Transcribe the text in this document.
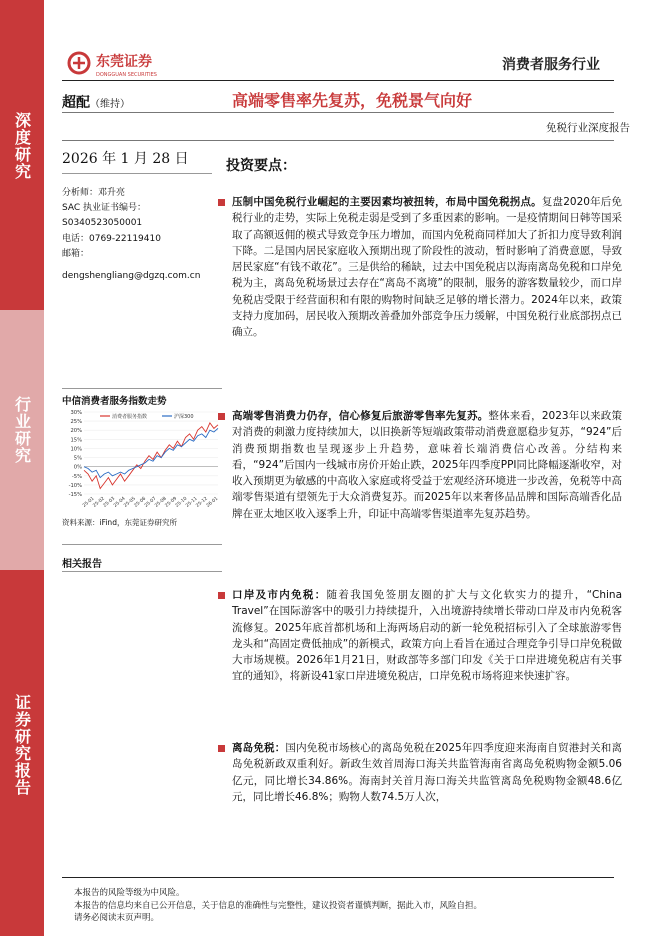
深度研究
行业研究
证券研究报告
东莞证券
DONGGUAN SECURITIES
消费者服务行业
超配（维持）	高端零售率先复苏，免税景气向好
免税行业深度报告
2026 年 1 月 28 日
分析师：邓升亮
SAC 执业证书编号：
S0340523050001
电话：0769-22119410
邮箱：
dengshengliang@dgzq.com.cn
中信消费者服务指数走势
30%
25%
20%
15%
10%
5%
0%
-5%
-10%
-15%
25-01
25-02
25-03
25-04
25-05
25-06
25-07
25-08
25-09
25-10
25-11
25-12
26-01
消费者服务指数	沪深300
资料来源：iFind，东莞证券研究所
相关报告
投资要点：
压制中国免税行业崛起的主要因素均被扭转，布局中国免税拐点。复盘2020年后免税行业的走势，实际上免税走弱是受到了多重因素的影响。一是疫情期间日韩等国采取了高额返佣的模式导致竞争压力增加，而国内免税商同样加大了折扣力度导致利润下降。二是国内居民家庭收入预期出现了阶段性的波动，暂时影响了消费意愿，导致居民家庭“有钱不敢花”。三是供给的稀缺，过去中国免税店以海南离岛免税和口岸免税为主，离岛免税场景过去存在“离岛不离境”的限制，服务的游客数量较少，而口岸免税店受限于经营面积和有限的购物时间缺乏足够的增长潜力。2024年以来，政策支持力度加码，居民收入预期改善叠加外部竞争压力缓解，中国免税行业底部拐点已确立。
高端零售消费力仍存，信心修复后旅游零售率先复苏。整体来看，2023年以来政策对消费的刺激力度持续加大，以旧换新等短端政策带动消费意愿稳步复苏，“924”后消费预期指数也呈现逐步上升趋势，意味着长端消费信心改善。分结构来看，“924”后国内一线城市房价开始止跌，2025年四季度PPI同比降幅逐渐收窄，对收入预期更为敏感的中高收入家庭或将受益于宏观经济环境进一步改善，免税等中高端零售渠道有望领先于大众消费复苏。而2025年以来奢侈品品牌和国际高端香化品牌在亚太地区收入逐季上升，印证中高端零售渠道率先复苏趋势。
口岸及市内免税：随着我国免签朋友圈的扩大与文化软实力的提升，“China Travel”在国际游客中的吸引力持续提升，入出境游持续增长带动口岸及市内免税客流修复。2025年底首都机场和上海两场启动的新一轮免税招标引入了全球旅游零售龙头和“高固定费低抽成”的新模式，政策方向上看旨在通过合理竞争引导口岸免税做大市场规模。2026年1月21日，财政部等多部门印发《关于口岸进境免税店有关事宜的通知》，将新设41家口岸进境免税店，口岸免税市场将迎来快速扩容。
离岛免税：国内免税市场核心的离岛免税在2025年四季度迎来海南自贸港封关和离岛免税新政双重利好。新政生效首周海口海关共监管海南省离岛免税购物金额5.06亿元，同比增长34.86%。海南封关首月海口海关共监管离岛免税购物金额48.6亿元，同比增长46.8%；购物人数74.5万人次，
本报告的风险等级为中风险。
本报告的信息均来自已公开信息，关于信息的准确性与完整性，建议投资者谨慎判断，据此入市，风险自担。
请务必阅读末页声明。
